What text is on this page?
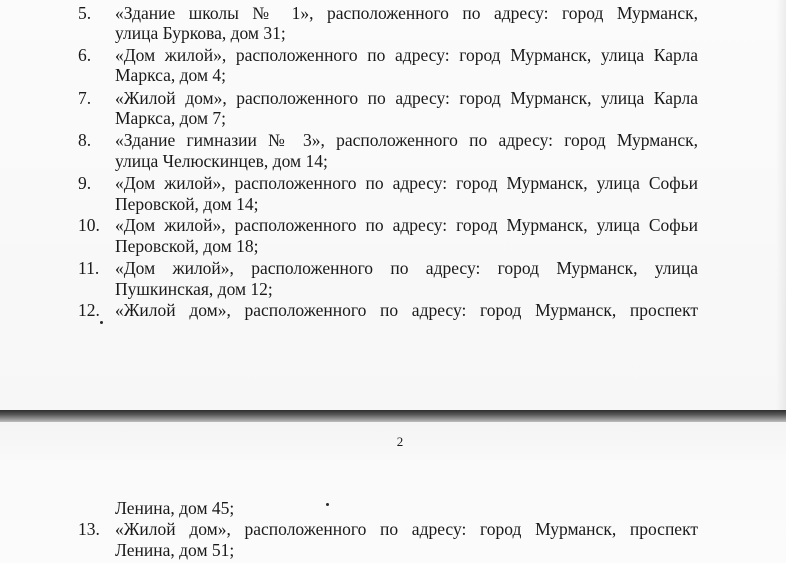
5. «Здание школы № 1», расположенного по адресу: город Мурманск,
улица Буркова, дом 31;
6. «Дом жилой», расположенного по адресу: город Мурманск, улица Карла
Маркса, дом 4;
7. «Жилой дом», расположенного по адресу: город Мурманск, улица Карла
Маркса, дом 7;
8. «Здание гимназии № 3», расположенного по адресу: город Мурманск,
улица Челюскинцев, дом 14;
9. «Дом жилой», расположенного по адресу: город Мурманск, улица Софьи
Перовской, дом 14;
10. «Дом жилой», расположенного по адресу: город Мурманск, улица Софьи
Перовской, дом 18;
11. «Дом жилой», расположенного по адресу: город Мурманск, улица
Пушкинская, дом 12;
12. «Жилой дом», расположенного по адресу: город Мурманск, проспект
2
Ленина, дом 45;
13. «Жилой дом», расположенного по адресу: город Мурманск, проспект
Ленина, дом 51;
